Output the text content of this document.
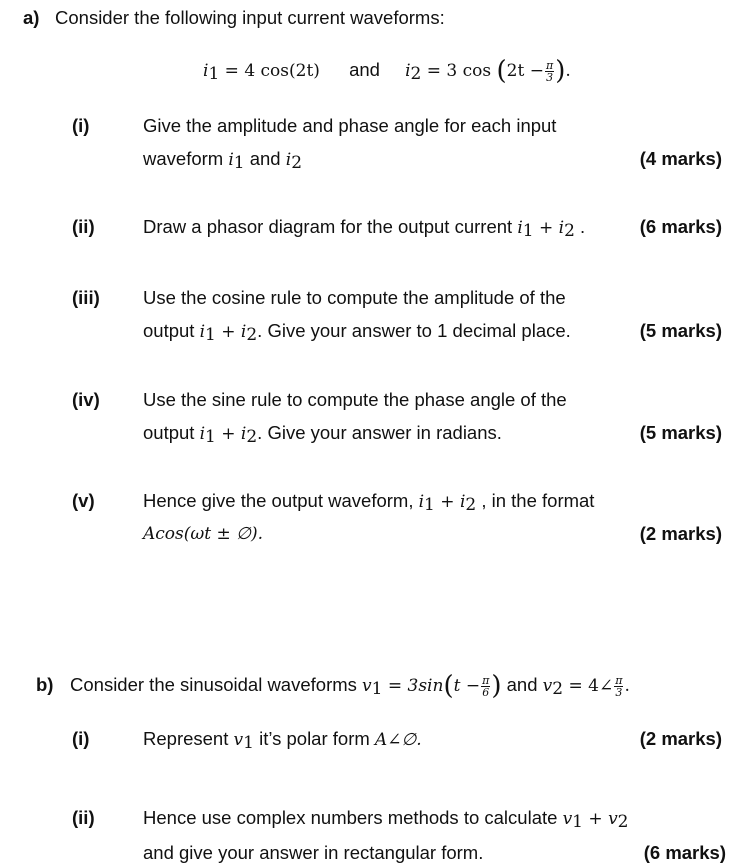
a) Consider the following input current waveforms:
$i_1 = 4$ cos(2t) and $i_2 = 3$ $\cos (2t - \frac{\pi}{3}$ ).
(i)	Give the amplitude and phase angle for each input
waveform $i_1$ and $i_2$	(4 marks)
(ii)	Draw a phasor diagram for the output current $i_1 + i_2$ .	(6 marks)
(iii) Use the cosine rule to compute the amplitude of the
output $i_1 + i_2$. Give your answer to 1 decimal place.	(5 marks)
(iv) Use the sine rule to compute the phase angle of the
output $i_1 + i_2$. Give your answer in radians.	(5 marks)
(v)	Hence give the output waveform, $i_1 + i_2$ , in the format
Acos(ωt ± ∅).	(2 marks)
b) Consider the sinusoidal waveforms $v_1 = 3\sin(t - \frac{\pi}{6}$ ) and $v_2$ = 4∠ $\frac{\pi}{3}$ .
(i)	Represent $v_1$ it’s polar form A∠∅.	(2 marks)
(ii)	Hence use complex numbers methods to calculate $v_1 + v_2$
and give your answer in rectangular form.	(6 marks)
